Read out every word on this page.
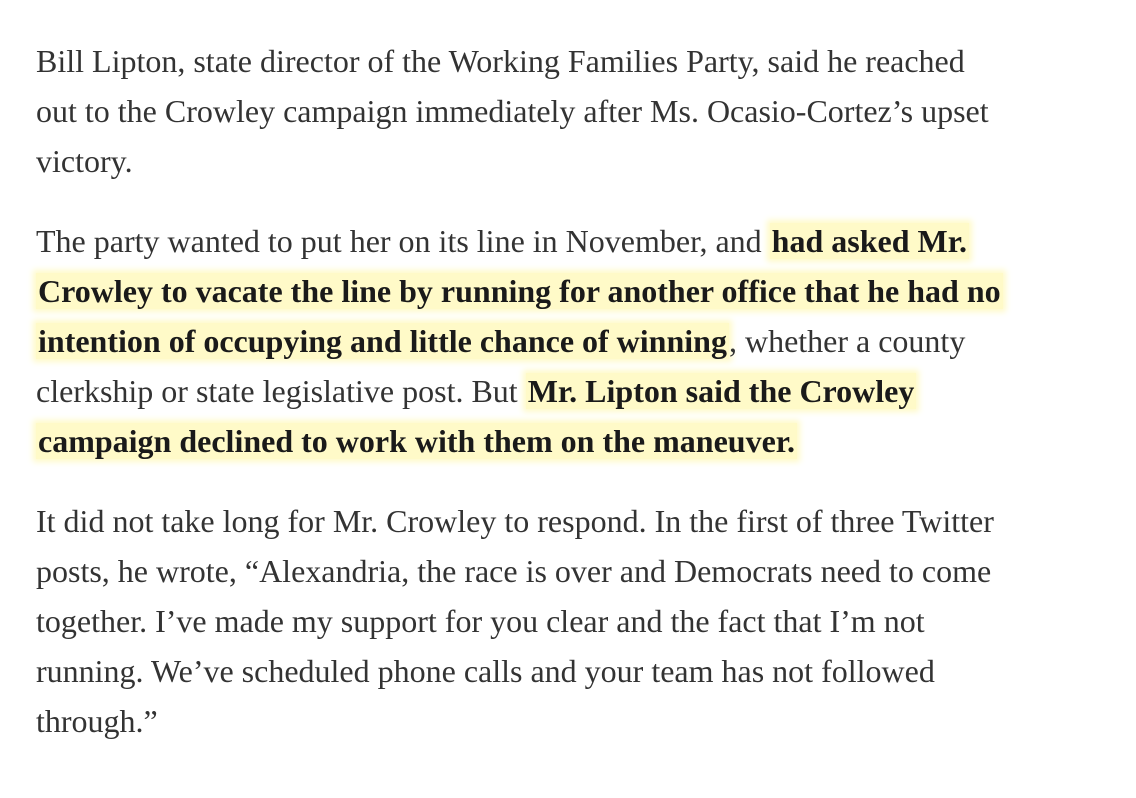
Bill Lipton, state director of the Working Families Party, said he reached
out to the Crowley campaign immediately after Ms. Ocasio-Cortez’s upset
victory.

The party wanted to put her on its line in November, and had asked Mr.
Crowley to vacate the line by running for another office that he had no
intention of occupying and little chance of winning, whether a county
clerkship or state legislative post. But Mr. Lipton said the Crowley
campaign declined to work with them on the maneuver.

It did not take long for Mr. Crowley to respond. In the first of three Twitter
posts, he wrote, “Alexandria, the race is over and Democrats need to come
together. I’ve made my support for you clear and the fact that I’m not
running. We’ve scheduled phone calls and your team has not followed
through.”
